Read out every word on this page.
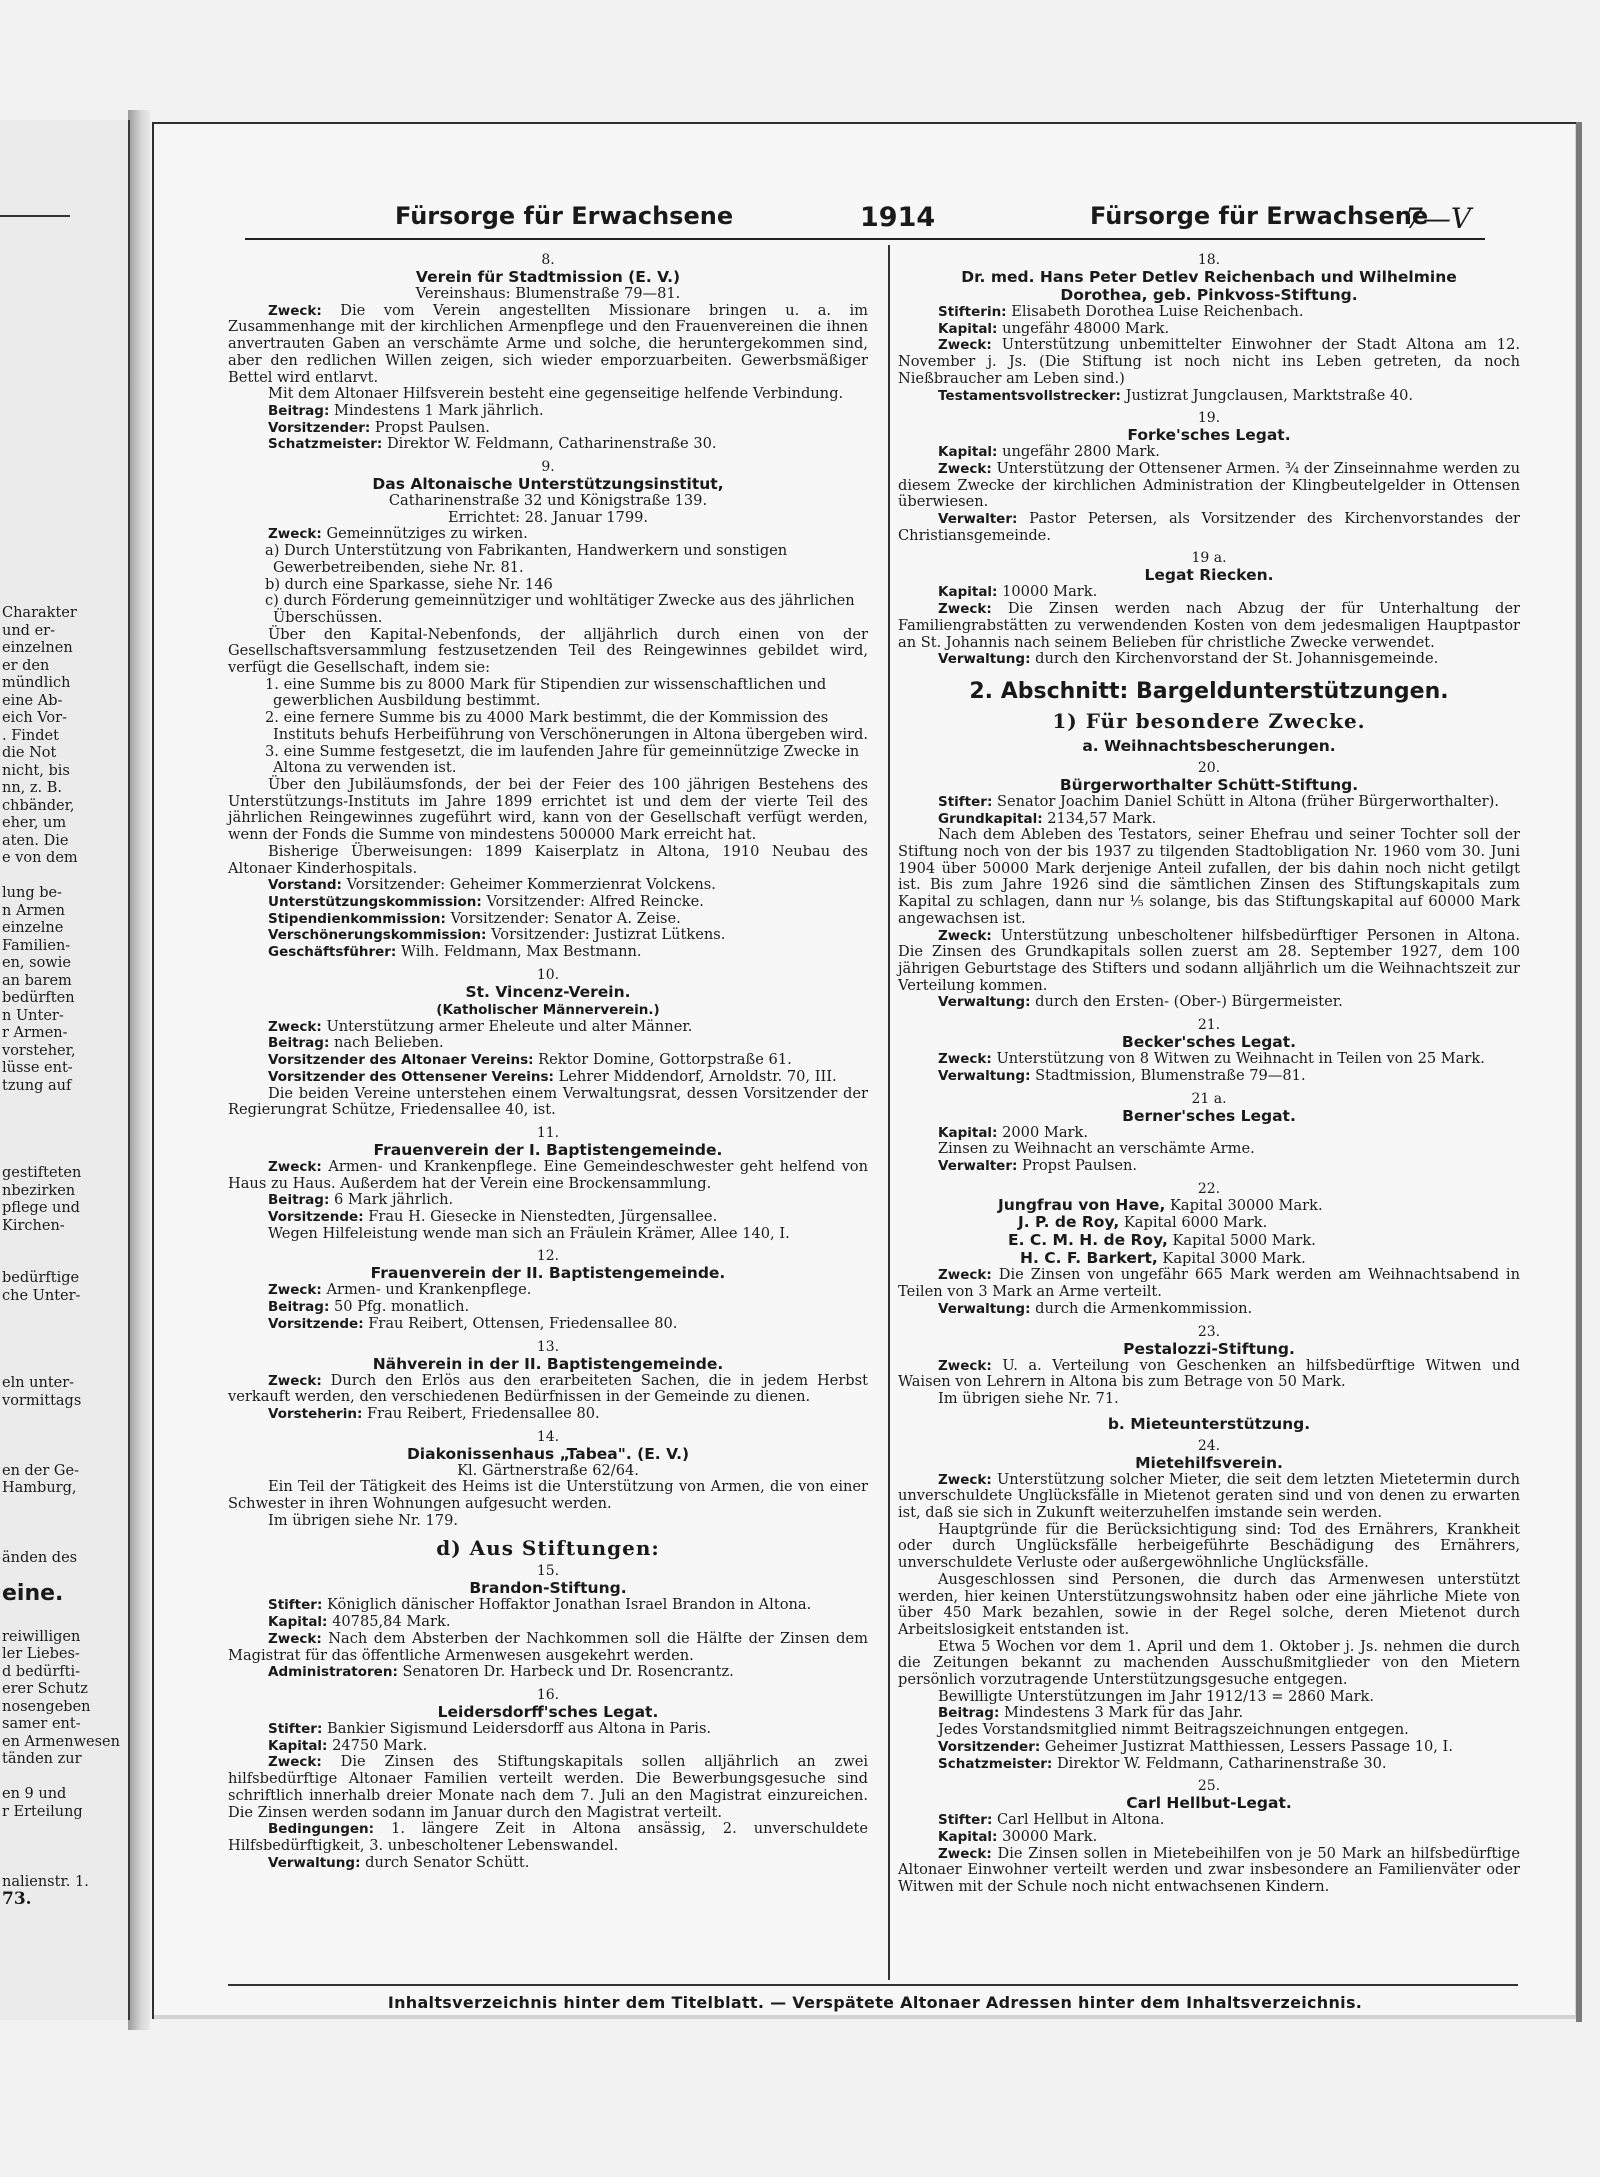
Charakter
und er-
einzelnen
er den
mündlich
eine Ab-
eich Vor-
. Findet
die Not
nicht, bis
nn, z. B.
chbänder,
eher, um
aten. Die
e von dem
lung be-
n Armen
einzelne
Familien-
en, sowie
an barem
bedürften
n Unter-
r Armen-
vorsteher,
lüsse ent-
tzung auf
gestifteten
nbezirken
pflege und
Kirchen-
bedürftige
che Unter-
eln unter-
vormittags
en der Ge-
Hamburg,
änden des
eine.
reiwilligen
ler Liebes-
d bedürfti-
erer Schutz
nosengeben
samer ent-
en Armenwesen
tänden zur
en 9 und
r Erteilung
nalienstr. 1.
73.
Fürsorge für Erwachsene	1914	Fürsorge für Erwachsene
7—V
8.
Verein für Stadtmission (E. V.)
Vereinshaus: Blumenstraße 79—81.
Zweck: Die vom Verein angestellten Missionare bringen u. a. im Zusammenhange mit der kirchlichen Armenpflege und den Frauenvereinen die ihnen anvertrauten Gaben an verschämte Arme und solche, die heruntergekommen sind, aber den redlichen Willen zeigen, sich wieder emporzuarbeiten. Gewerbsmäßiger Bettel wird entlarvt.
Mit dem Altonaer Hilfsverein besteht eine gegenseitige helfende Verbindung.
Beitrag: Mindestens 1 Mark jährlich.
Vorsitzender: Propst Paulsen.
Schatzmeister: Direktor W. Feldmann, Catharinenstraße 30.
9.
Das Altonaische Unterstützungsinstitut,
Catharinenstraße 32 und Königstraße 139.
Errichtet: 28. Januar 1799.
Zweck: Gemeinnütziges zu wirken.
a) Durch Unterstützung von Fabrikanten, Handwerkern und sonstigen Gewerbetreibenden, siehe Nr. 81.
b) durch eine Sparkasse, siehe Nr. 146
c) durch Förderung gemeinnütziger und wohltätiger Zwecke aus des jährlichen Überschüssen.
Über den Kapital-Nebenfonds, der alljährlich durch einen von der Gesellschaftsversammlung festzusetzenden Teil des Reingewinnes gebildet wird, verfügt die Gesellschaft, indem sie:
1. eine Summe bis zu 8000 Mark für Stipendien zur wissenschaftlichen und gewerblichen Ausbildung bestimmt.
2. eine fernere Summe bis zu 4000 Mark bestimmt, die der Kommission des Instituts behufs Herbeiführung von Verschönerungen in Altona übergeben wird.
3. eine Summe festgesetzt, die im laufenden Jahre für gemeinnützige Zwecke in Altona zu verwenden ist.
Über den Jubiläumsfonds, der bei der Feier des 100 jährigen Bestehens des Unterstützungs-Instituts im Jahre 1899 errichtet ist und dem der vierte Teil des jährlichen Reingewinnes zugeführt wird, kann von der Gesellschaft verfügt werden, wenn der Fonds die Summe von mindestens 500000 Mark erreicht hat.
Bisherige Überweisungen: 1899 Kaiserplatz in Altona, 1910 Neubau des Altonaer Kinderhospitals.
Vorstand: Vorsitzender: Geheimer Kommerzienrat Volckens.
Unterstützungskommission: Vorsitzender: Alfred Reincke.
Stipendienkommission: Vorsitzender: Senator A. Zeise.
Verschönerungskommission: Vorsitzender: Justizrat Lütkens.
Geschäftsführer: Wilh. Feldmann, Max Bestmann.
10.
St. Vincenz-Verein.
(Katholischer Männerverein.)
Zweck: Unterstützung armer Eheleute und alter Männer.
Beitrag: nach Belieben.
Vorsitzender des Altonaer Vereins: Rektor Domine, Gottorpstraße 61.
Vorsitzender des Ottensener Vereins: Lehrer Middendorf, Arnoldstr. 70, III.
Die beiden Vereine unterstehen einem Verwaltungsrat, dessen Vorsitzender der Regierungrat Schütze, Friedensallee 40, ist.
11.
Frauenverein der I. Baptistengemeinde.
Zweck: Armen- und Krankenpflege. Eine Gemeindeschwester geht helfend von Haus zu Haus. Außerdem hat der Verein eine Brockensammlung.
Beitrag: 6 Mark jährlich.
Vorsitzende: Frau H. Giesecke in Nienstedten, Jürgensallee.
Wegen Hilfeleistung wende man sich an Fräulein Krämer, Allee 140, I.
12.
Frauenverein der II. Baptistengemeinde.
Zweck: Armen- und Krankenpflege.
Beitrag: 50 Pfg. monatlich.
Vorsitzende: Frau Reibert, Ottensen, Friedensallee 80.
13.
Nähverein in der II. Baptistengemeinde.
Zweck: Durch den Erlös aus den erarbeiteten Sachen, die in jedem Herbst verkauft werden, den verschiedenen Bedürfnissen in der Gemeinde zu dienen.
Vorsteherin: Frau Reibert, Friedensallee 80.
14.
Diakonissenhaus „Tabea". (E. V.)
Kl. Gärtnerstraße 62/64.
Ein Teil der Tätigkeit des Heims ist die Unterstützung von Armen, die von einer Schwester in ihren Wohnungen aufgesucht werden.
Im übrigen siehe Nr. 179.
d) Aus Stiftungen:
15.
Brandon-Stiftung.
Stifter: Königlich dänischer Hoffaktor Jonathan Israel Brandon in Altona.
Kapital: 40785,84 Mark.
Zweck: Nach dem Absterben der Nachkommen soll die Hälfte der Zinsen dem Magistrat für das öffentliche Armenwesen ausgekehrt werden.
Administratoren: Senatoren Dr. Harbeck und Dr. Rosencrantz.
16.
Leidersdorff'sches Legat.
Stifter: Bankier Sigismund Leidersdorff aus Altona in Paris.
Kapital: 24750 Mark.
Zweck: Die Zinsen des Stiftungskapitals sollen alljährlich an zwei hilfsbedürftige Altonaer Familien verteilt werden. Die Bewerbungsgesuche sind schriftlich innerhalb dreier Monate nach dem 7. Juli an den Magistrat einzureichen. Die Zinsen werden sodann im Januar durch den Magistrat verteilt.
Bedingungen: 1. längere Zeit in Altona ansässig, 2. unverschuldete Hilfsbedürftigkeit, 3. unbescholtener Lebenswandel.
Verwaltung: durch Senator Schütt.
18.
Dr. med. Hans Peter Detlev Reichenbach und Wilhelmine
Dorothea, geb. Pinkvoss-Stiftung.
Stifterin: Elisabeth Dorothea Luise Reichenbach.
Kapital: ungefähr 48000 Mark.
Zweck: Unterstützung unbemittelter Einwohner der Stadt Altona am 12. November j. Js. (Die Stiftung ist noch nicht ins Leben getreten, da noch Nießbraucher am Leben sind.)
Testamentsvollstrecker: Justizrat Jungclausen, Marktstraße 40.
19.
Forke'sches Legat.
Kapital: ungefähr 2800 Mark.
Zweck: Unterstützung der Ottensener Armen. ¾ der Zinseinnahme werden zu diesem Zwecke der kirchlichen Administration der Klingbeutelgelder in Ottensen überwiesen.
Verwalter: Pastor Petersen, als Vorsitzender des Kirchenvorstandes der Christiansgemeinde.
19 a.
Legat Riecken.
Kapital: 10000 Mark.
Zweck: Die Zinsen werden nach Abzug der für Unterhaltung der Familiengrabstätten zu verwendenden Kosten von dem jedesmaligen Hauptpastor an St. Johannis nach seinem Belieben für christliche Zwecke verwendet.
Verwaltung: durch den Kirchenvorstand der St. Johannisgemeinde.
2. Abschnitt: Bargeldunterstützungen.
1) Für besondere Zwecke.
a. Weihnachtsbescherungen.
20.
Bürgerworthalter Schütt-Stiftung.
Stifter: Senator Joachim Daniel Schütt in Altona (früher Bürgerworthalter).
Grundkapital: 2134,57 Mark.
Nach dem Ableben des Testators, seiner Ehefrau und seiner Tochter soll der Stiftung noch von der bis 1937 zu tilgenden Stadtobligation Nr. 1960 vom 30. Juni 1904 über 50000 Mark derjenige Anteil zufallen, der bis dahin noch nicht getilgt ist. Bis zum Jahre 1926 sind die sämtlichen Zinsen des Stiftungskapitals zum Kapital zu schlagen, dann nur ⅕ solange, bis das Stiftungskapital auf 60000 Mark angewachsen ist.
Zweck: Unterstützung unbescholtener hilfsbedürftiger Personen in Altona. Die Zinsen des Grundkapitals sollen zuerst am 28. September 1927, dem 100 jährigen Geburtstage des Stifters und sodann alljährlich um die Weihnachtszeit zur Verteilung kommen.
Verwaltung: durch den Ersten- (Ober-) Bürgermeister.
21.
Becker'sches Legat.
Zweck: Unterstützung von 8 Witwen zu Weihnacht in Teilen von 25 Mark.
Verwaltung: Stadtmission, Blumenstraße 79—81.
21 a.
Berner'sches Legat.
Kapital: 2000 Mark.
Zinsen zu Weihnacht an verschämte Arme.
Verwalter: Propst Paulsen.
22.
Jungfrau von Have, Kapital 30000 Mark.
J. P. de Roy, Kapital 6000 Mark.
E. C. M. H. de Roy, Kapital 5000 Mark.
H. C. F. Barkert, Kapital 3000 Mark.
Zweck: Die Zinsen von ungefähr 665 Mark werden am Weihnachtsabend in Teilen von 3 Mark an Arme verteilt.
Verwaltung: durch die Armenkommission.
23.
Pestalozzi-Stiftung.
Zweck: U. a. Verteilung von Geschenken an hilfsbedürftige Witwen und Waisen von Lehrern in Altona bis zum Betrage von 50 Mark.
Im übrigen siehe Nr. 71.
b. Mieteunterstützung.
24.
Mietehilfsverein.
Zweck: Unterstützung solcher Mieter, die seit dem letzten Mietetermin durch unverschuldete Unglücksfälle in Mietenot geraten sind und von denen zu erwarten ist, daß sie sich in Zukunft weiterzuhelfen imstande sein werden.
Hauptgründe für die Berücksichtigung sind: Tod des Ernährers, Krankheit oder durch Unglücksfälle herbeigeführte Beschädigung des Ernährers, unverschuldete Verluste oder außergewöhnliche Unglücksfälle.
Ausgeschlossen sind Personen, die durch das Armenwesen unterstützt werden, hier keinen Unterstützungswohnsitz haben oder eine jährliche Miete von über 450 Mark bezahlen, sowie in der Regel solche, deren Mietenot durch Arbeitslosigkeit entstanden ist.
Etwa 5 Wochen vor dem 1. April und dem 1. Oktober j. Js. nehmen die durch die Zeitungen bekannt zu machenden Ausschußmitglieder von den Mietern persönlich vorzutragende Unterstützungsgesuche entgegen.
Bewilligte Unterstützungen im Jahr 1912/13 = 2860 Mark.
Beitrag: Mindestens 3 Mark für das Jahr.
Jedes Vorstandsmitglied nimmt Beitragszeichnungen entgegen.
Vorsitzender: Geheimer Justizrat Matthiessen, Lessers Passage 10, I.
Schatzmeister: Direktor W. Feldmann, Catharinenstraße 30.
25.
Carl Hellbut-Legat.
Stifter: Carl Hellbut in Altona.
Kapital: 30000 Mark.
Zweck: Die Zinsen sollen in Mietebeihilfen von je 50 Mark an hilfsbedürftige Altonaer Einwohner verteilt werden und zwar insbesondere an Familienväter oder Witwen mit der Schule noch nicht entwachsenen Kindern.
Inhaltsverzeichnis hinter dem Titelblatt. — Verspätete Altonaer Adressen hinter dem Inhaltsverzeichnis.
